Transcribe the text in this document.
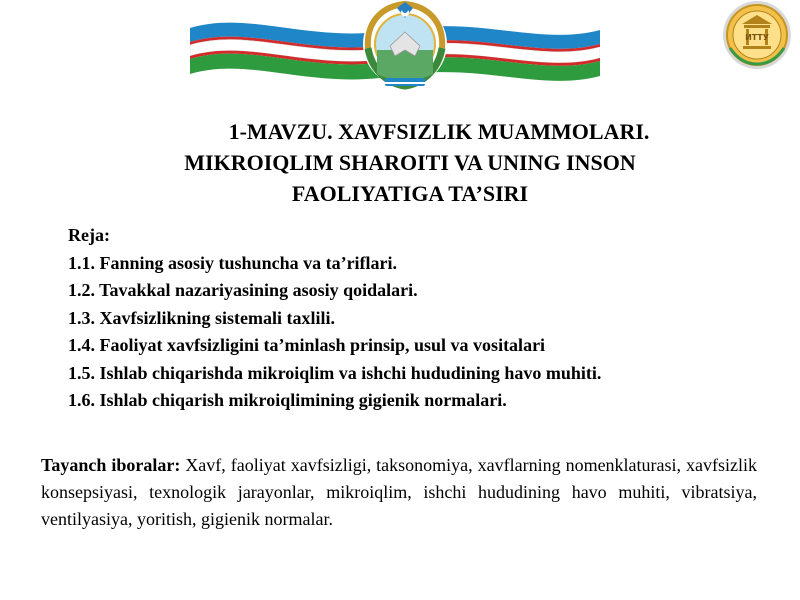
ИТТУ
1-MAVZU. XAVFSIZLIK MUAMMOLARI.
MIKROIQLIM SHAROITI VA UNING INSON
FAOLIYATIGA TA’SIRI
Reja:
1.1. Fanning asosiy tushuncha va ta’riflari.
1.2. Tavakkal nazariyasining asosiy qoidalari.
1.3. Xavfsizlikning sistemali taxlili.
1.4. Faoliyat xavfsizligini ta’minlash prinsip, usul va vositalari
1.5. Ishlab chiqarishda mikroiqlim va ishchi hududining havo muhiti.
1.6. Ishlab chiqarish mikroiqlimining gigienik normalari.
Tayanch iboralar: Xavf, faoliyat xavfsizligi, taksonomiya, xavflarning nomenklaturasi, xavfsizlik konsepsiyasi, texnologik jarayonlar, mikroiqlim, ishchi hududining havo muhiti, vibratsiya, ventilyasiya, yoritish, gigienik normalar.
